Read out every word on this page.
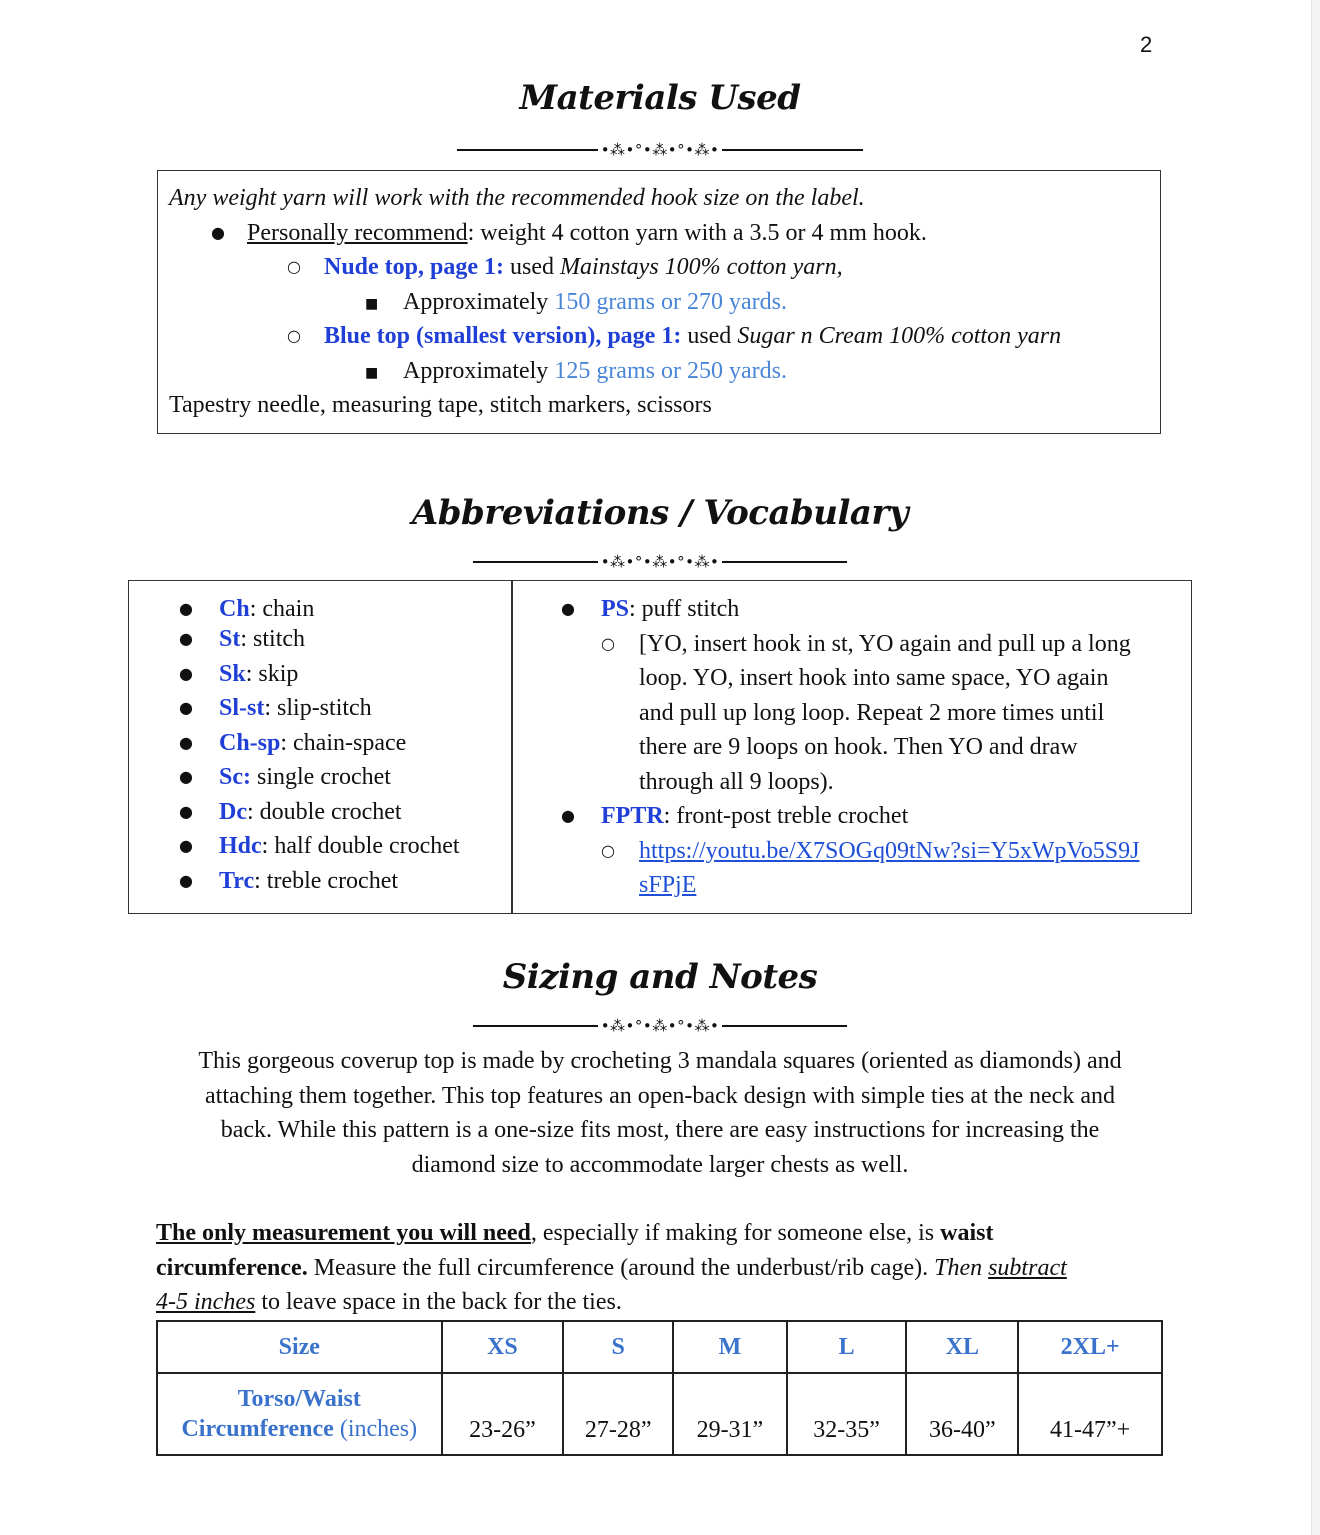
2
Materials Used
•⁂•°•⁂•°•⁂•
Any weight yarn will work with the recommended hook size on the label.
● Personally recommend: weight 4 cotton yarn with a 3.5 or 4 mm hook.
○ Nude top, page 1: used Mainstays 100% cotton yarn,
■ Approximately 150 grams or 270 yards.
○ Blue top (smallest version), page 1: used Sugar n Cream 100% cotton yarn
■ Approximately 125 grams or 250 yards.
Tapestry needle, measuring tape, stitch markers, scissors
Abbreviations / Vocabulary
•⁂•°•⁂•°•⁂•
● Ch: chain
● St: stitch
● Sk: skip
● Sl-st: slip-stitch
● Ch-sp: chain-space
● Sc: single crochet
● Dc: double crochet
● Hdc: half double crochet
● Trc: treble crochet
● PS: puff stitch
○ [YO, insert hook in st, YO again and pull up a long
loop. YO, insert hook into same space, YO again
and pull up long loop. Repeat 2 more times until
there are 9 loops on hook. Then YO and draw
through all 9 loops).
● FPTR: front-post treble crochet
○ https://youtu.be/X7SOGq09tNw?si=Y5xWpVo5S9J
sFPjE
Sizing and Notes
•⁂•°•⁂•°•⁂•
This gorgeous coverup top is made by crocheting 3 mandala squares (oriented as diamonds) and
attaching them together. This top features an open-back design with simple ties at the neck and
back. While this pattern is a one-size fits most, there are easy instructions for increasing the
diamond size to accommodate larger chests as well.
The only measurement you will need, especially if making for someone else, is waist
circumference. Measure the full circumference (around the underbust/rib cage). Then subtract
4-5 inches to leave space in the back for the ties.
Size	XS	S	M	L	XL	2XL+

Torso/Waist
Circumference (inches)	23-26”	27-28”	29-31”	32-35”	36-40”	41-47”+
